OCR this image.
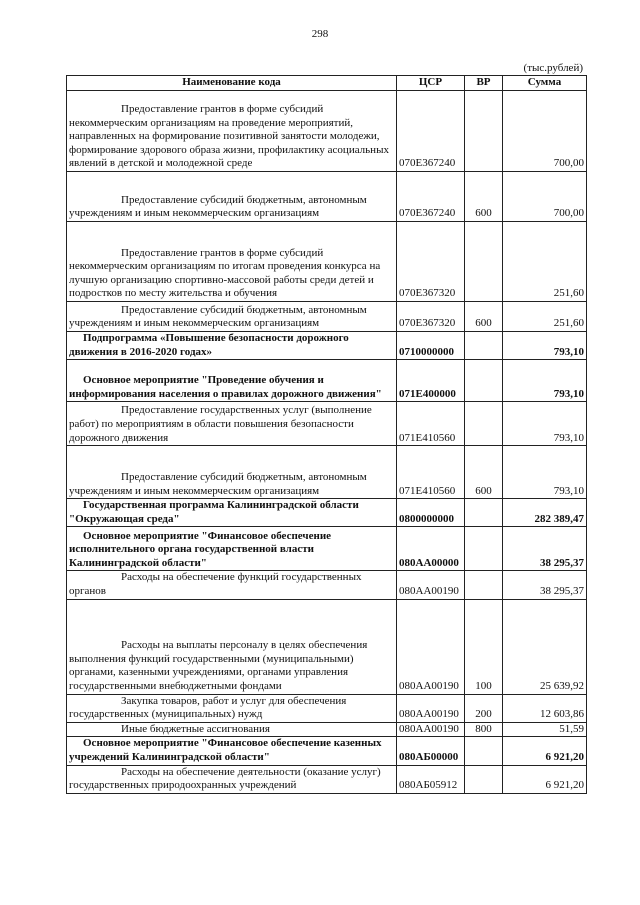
298
(тыс.рублей)
Наименование кода	ЦСР	ВР	Сумма
Предоставление грантов в форме субсидий некоммерческим организациям на проведение мероприятий, направленных на формирование позитивной занятости молодежи, формирование здорового образа жизни, профилактику асоциальных явлений в детской и молодежной среде	070Е367240		700,00
Предоставление субсидий бюджетным, автономным учреждениям и иным некоммерческим организациям	070Е367240	600	700,00
Предоставление грантов в форме субсидий некоммерческим организациям по итогам проведения конкурса на лучшую организацию спортивно-массовой работы среди детей и подростков по месту жительства и обучения	070Е367320		251,60
Предоставление субсидий бюджетным, автономным учреждениям и иным некоммерческим организациям	070Е367320	600	251,60
Подпрограмма «Повышение безопасности дорожного движения в 2016-2020 годах»	0710000000		793,10
Основное мероприятие "Проведение обучения и информирования населения о правилах дорожного движения"	071Е400000		793,10
Предоставление государственных услуг (выполнение работ) по мероприятиям в области повышения безопасности дорожного движения	071Е410560		793,10
Предоставление субсидий бюджетным, автономным учреждениям и иным некоммерческим организациям	071Е410560	600	793,10
Государственная программа Калининградской области "Окружающая среда"	0800000000		282 389,47
Основное мероприятие "Финансовое обеспечение исполнительного органа государственной власти Калининградской области"	080АА00000		38 295,37
Расходы на обеспечение функций государственных органов	080АА00190		38 295,37
Расходы на выплаты персоналу в целях обеспечения выполнения функций государственными (муниципальными) органами, казенными учреждениями, органами управления государственными внебюджетными фондами	080АА00190	100	25 639,92
Закупка товаров, работ и услуг для обеспечения государственных (муниципальных) нужд	080АА00190	200	12 603,86
Иные бюджетные ассигнования	080АА00190	800	51,59
Основное мероприятие "Финансовое обеспечение казенных учреждений Калининградской области"	080АБ00000		6 921,20
Расходы на обеспечение деятельности (оказание услуг) государственных природоохранных учреждений	080АБ05912		6 921,20
